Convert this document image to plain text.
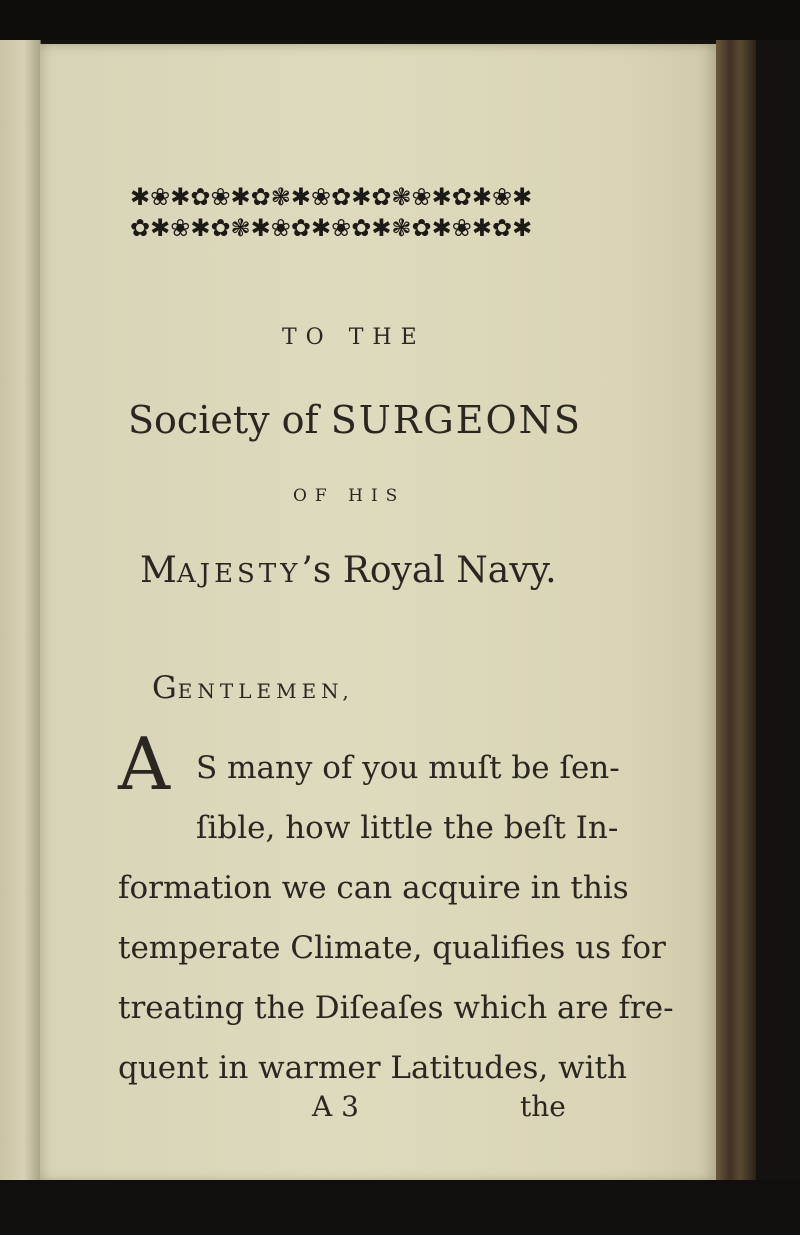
✱❀✱✿❀✱✿❃✱❀✿✱✿❃❀✱✿✱❀✱
✿✱❀✱✿❃✱❀✿✱❀✿✱❃✿✱❀✱✿✱
TO THE
Society of SURGEONS
OF HIS
MAJESTY’s Royal Navy.
GENTLEMEN,
A S many of you muſt be ſen-
ſible, how little the beſt In-
formation we can acquire in this
temperate Climate, qualifies us for
treating the Diſeaſes which are fre-
quent in warmer Latitudes, with
A 3	the
